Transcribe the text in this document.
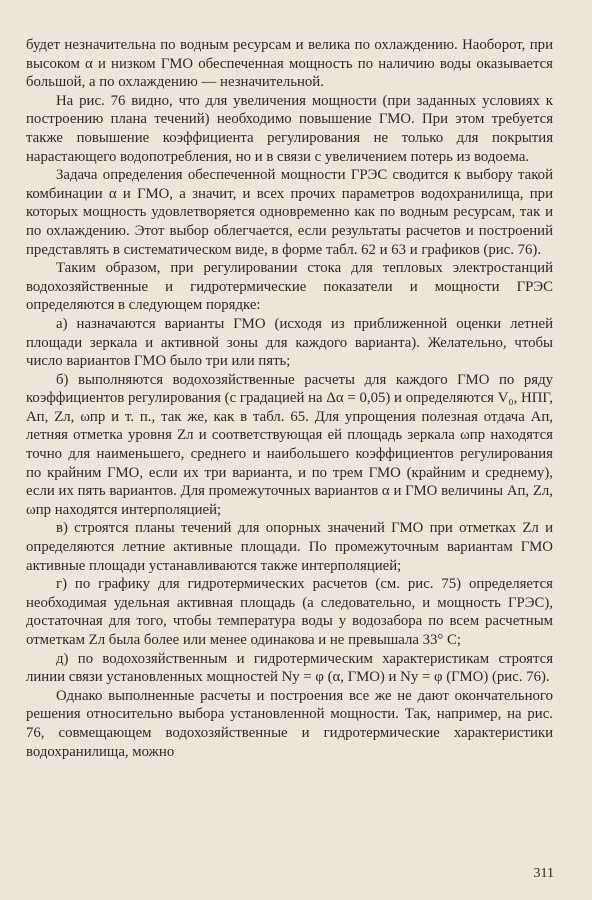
будет незначительна по водным ресурсам и велика по охлаждению. Наоборот, при высоком α и низком ГМО обеспеченная мощность по наличию воды оказывается большой, а по охлаждению — незначительной.

На рис. 76 видно, что для увеличения мощности (при заданных условиях к построению плана течений) необходимо повышение ГМО. При этом требуется также повышение коэффициента регулирования не только для покрытия нарастающего водопотребления, но и в связи с увеличением потерь из водоема.

Задача определения обеспеченной мощности ГРЭС сводится к выбору такой комбинации α и ГМО, а значит, и всех прочих параметров водохранилища, при которых мощность удовлетворяется одновременно как по водным ресурсам, так и по охлаждению. Этот выбор облегчается, если результаты расчетов и построений представлять в систематическом виде, в форме табл. 62 и 63 и графиков (рис. 76).

Таким образом, при регулировании стока для тепловых электростанций водохозяйственные и гидротермические показатели и мощности ГРЭС определяются в следующем порядке:

а) назначаются варианты ГМО (исходя из приближенной оценки летней площади зеркала и активной зоны для каждого варианта). Желательно, чтобы число вариантов ГМО было три или пять;

б) выполняются водохозяйственные расчеты для каждого ГМО по ряду коэффициентов регулирования (с градацией на Δα = 0,05) и определяются V₀, НПГ, Aп, Zл, ωпр и т. п., так же, как в табл. 65. Для упрощения полезная отдача Aп, летняя отметка уровня Zл и соответствующая ей площадь зеркала ωпр находятся точно для наименьшего, среднего и наибольшего коэффициентов регулирования по крайним ГМО, если их три варианта, и по трем ГМО (крайним и среднему), если их пять вариантов. Для промежуточных вариантов α и ГМО величины Aп, Zл, ωпр находятся интерполяцией;

в) строятся планы течений для опорных значений ГМО при отметках Zл и определяются летние активные площади. По промежуточным вариантам ГМО активные площади устанавливаются также интерполяцией;

г) по графику для гидротермических расчетов (см. рис. 75) определяется необходимая удельная активная площадь (а следовательно, и мощность ГРЭС), достаточная для того, чтобы температура воды у водозабора по всем расчетным отметкам Zл была более или менее одинакова и не превышала 33° С;

д) по водохозяйственным и гидротермическим характеристикам строятся линии связи установленных мощностей Nу = φ (α, ГМО) и Nу = φ (ГМО) (рис. 76).

Однако выполненные расчеты и построения все же не дают окончательного решения относительно выбора установленной мощности. Так, например, на рис. 76, совмещающем водохозяйственные и гидротермические характеристики водохранилища, можно

311
